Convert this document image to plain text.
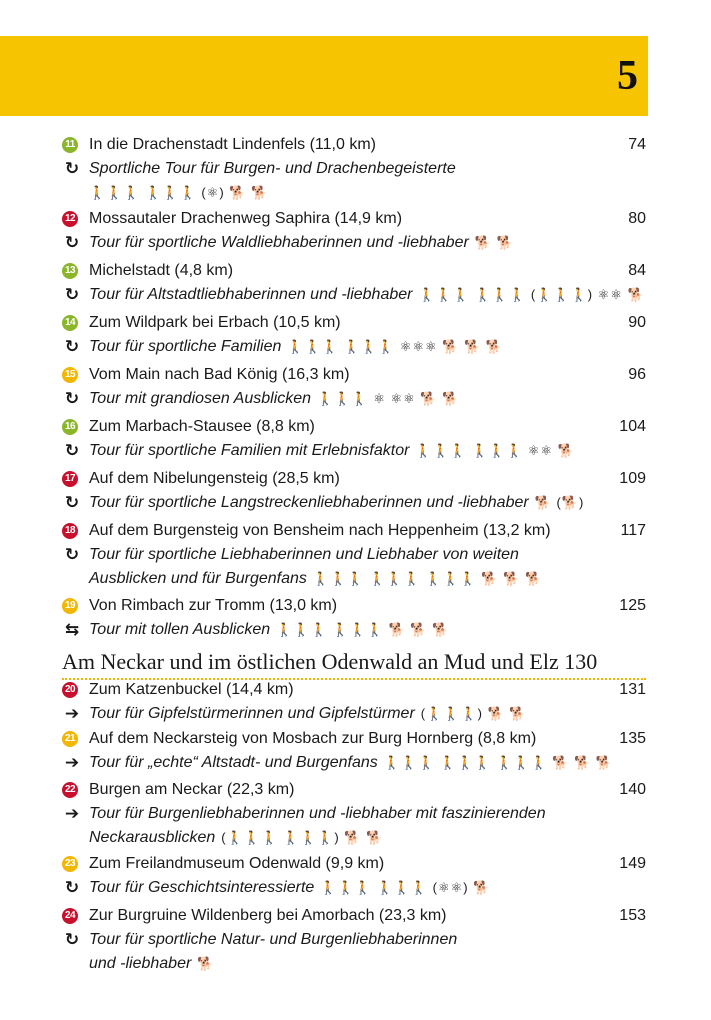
5
11 In die Drachenstadt Lindenfels (11,0 km)	74
↻ Sportliche Tour für Burgen- und Drachenbegeisterte
🚶🚶🚶 🚶🚶🚶 (⚛) 🐕 🐕
12 Mossautaler Drachenweg Saphira (14,9 km)	80
↻ Tour für sportliche Waldliebhaberinnen und -liebhaber 🐕 🐕
13 Michelstadt (4,8 km)	84
↻ Tour für Altstadtliebhaberinnen und -liebhaber 🚶🚶🚶 🚶🚶🚶 (🚶🚶🚶) ⚛⚛ 🐕
14 Zum Wildpark bei Erbach (10,5 km)	90
↻ Tour für sportliche Familien 🚶🚶🚶 🚶🚶🚶 ⚛⚛⚛ 🐕 🐕 🐕
15 Vom Main nach Bad König (16,3 km)	96
↻ Tour mit grandiosen Ausblicken 🚶🚶🚶 ⚛ ⚛⚛ 🐕 🐕
16 Zum Marbach-Stausee (8,8 km)	104
↻ Tour für sportliche Familien mit Erlebnisfaktor 🚶🚶🚶 🚶🚶🚶 ⚛⚛ 🐕
17 Auf dem Nibelungensteig (28,5 km)	109
↻ Tour für sportliche Langstreckenliebhaberinnen und -liebhaber 🐕 (🐕)
18 Auf dem Burgensteig von Bensheim nach Heppenheim (13,2 km)	117
↻ Tour für sportliche Liebhaberinnen und Liebhaber von weiten
Ausblicken und für Burgenfans 🚶🚶🚶 🚶🚶🚶 🚶🚶🚶 🐕 🐕 🐕
19 Von Rimbach zur Tromm (13,0 km)	125
⇆ Tour mit tollen Ausblicken 🚶🚶🚶 🚶🚶🚶 🐕 🐕 🐕
Am Neckar und im östlichen Odenwald an Mud und Elz 130
20 Zum Katzenbuckel (14,4 km)	131
➔ Tour für Gipfelstürmerinnen und Gipfelstürmer (🚶🚶🚶) 🐕 🐕
21 Auf dem Neckarsteig von Mosbach zur Burg Hornberg (8,8 km)	135
➔ Tour für „echte“ Altstadt- und Burgenfans 🚶🚶🚶 🚶🚶🚶 🚶🚶🚶 🐕 🐕 🐕
22 Burgen am Neckar (22,3 km)	140
➔ Tour für Burgenliebhaberinnen und -liebhaber mit faszinierenden
Neckarausblicken (🚶🚶🚶 🚶🚶🚶) 🐕 🐕
23 Zum Freilandmuseum Odenwald (9,9 km)	149
↻ Tour für Geschichtsinteressierte 🚶🚶🚶 🚶🚶🚶 (⚛⚛) 🐕
24 Zur Burgruine Wildenberg bei Amorbach (23,3 km)	153
↻ Tour für sportliche Natur- und Burgenliebhaberinnen
und -liebhaber 🐕
